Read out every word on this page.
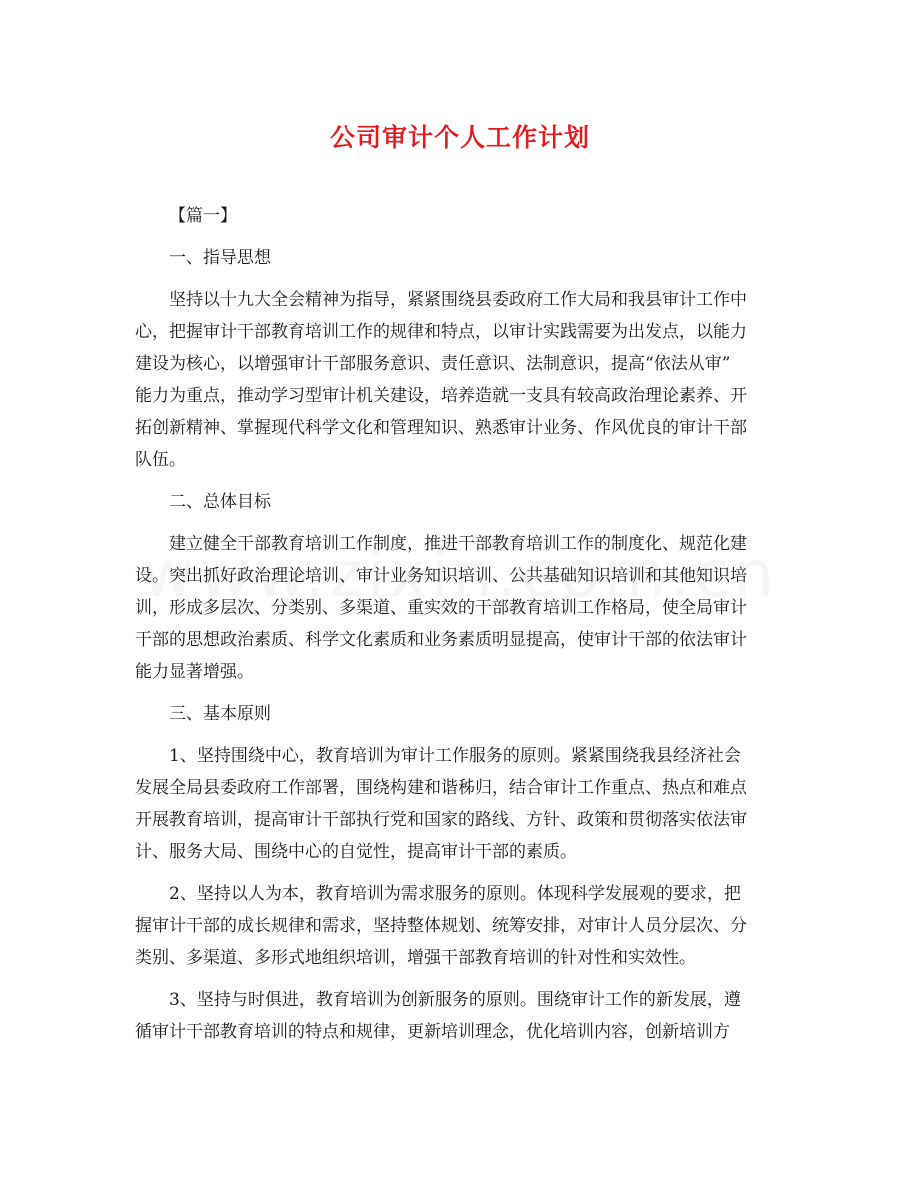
公司审计个人工作计划
【篇一】
一、指导思想
坚持以十九大全会精神为指导，紧紧围绕县委政府工作大局和我县审计工作中
心，把握审计干部教育培训工作的规律和特点，以审计实践需要为出发点，以能力
建设为核心，以增强审计干部服务意识、责任意识、法制意识，提高“依法从审”
能力为重点，推动学习型审计机关建设，培养造就一支具有较高政治理论素养、开
拓创新精神、掌握现代科学文化和管理知识、熟悉审计业务、作风优良的审计干部
队伍。
二、总体目标
建立健全干部教育培训工作制度，推进干部教育培训工作的制度化、规范化建
设。突出抓好政治理论培训、审计业务知识培训、公共基础知识培训和其他知识培
训，形成多层次、分类别、多渠道、重实效的干部教育培训工作格局，使全局审计
干部的思想政治素质、科学文化素质和业务素质明显提高，使审计干部的依法审计
能力显著增强。
三、基本原则
1、坚持围绕中心，教育培训为审计工作服务的原则。紧紧围绕我县经济社会
发展全局县委政府工作部署，围绕构建和谐秭归，结合审计工作重点、热点和难点
开展教育培训，提高审计干部执行党和国家的路线、方针、政策和贯彻落实依法审
计、服务大局、围绕中心的自觉性，提高审计干部的素质。
2、坚持以人为本，教育培训为需求服务的原则。体现科学发展观的要求，把
握审计干部的成长规律和需求，坚持整体规划、统筹安排，对审计人员分层次、分
类别、多渠道、多形式地组织培训，增强干部教育培训的针对性和实效性。
3、坚持与时俱进，教育培训为创新服务的原则。围绕审计工作的新发展，遵
循审计干部教育培训的特点和规律，更新培训理念，优化培训内容，创新培训方
